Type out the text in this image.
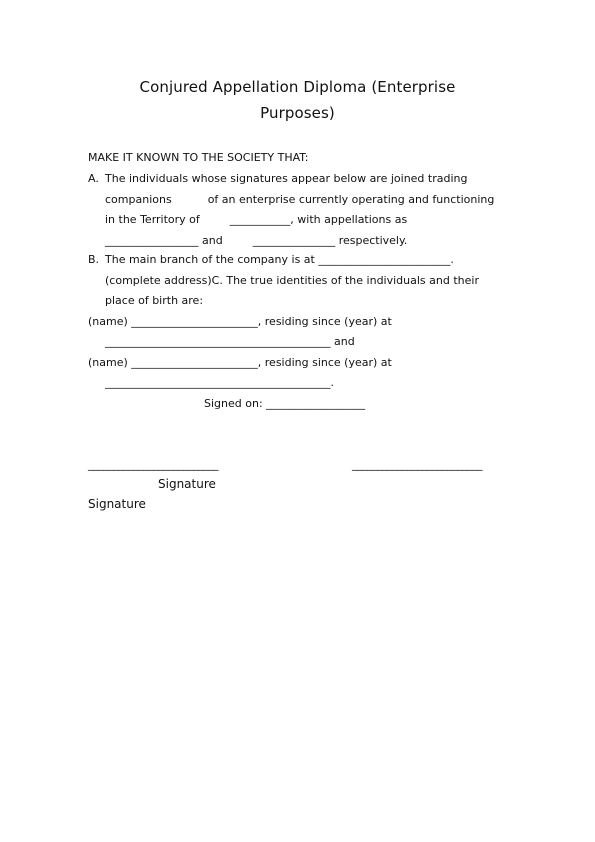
Conjured Appellation Diploma (Enterprise
Purposes)
MAKE IT KNOWN TO THE SOCIETY THAT:
A. The individuals whose signatures appear below are joined trading
companions	of an enterprise currently operating and functioning
in the Territory of	___________, with appellations as
_________________ and	_______________ respectively.
B. The main branch of the company is at ________________________.
(complete address)C. The true identities of the individuals and their
place of birth are:
(name) _______________________, residing since (year) at
_________________________________________ and
(name) _______________________, residing since (year) at
_________________________________________.
Signed on: __________________
__________________________	__________________________
Signature
Signature
